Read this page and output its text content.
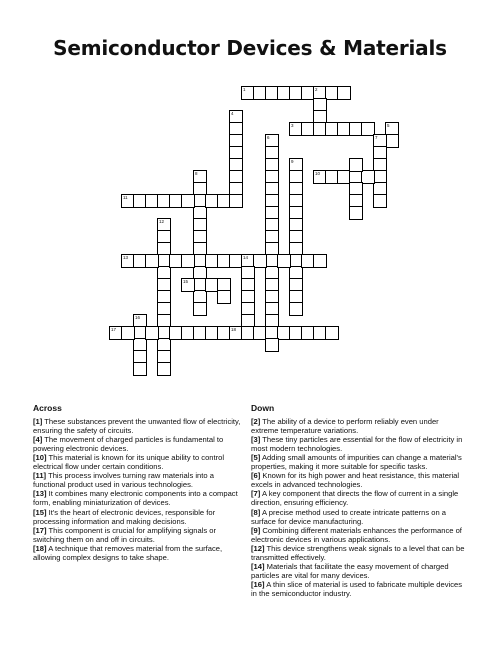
Semiconductor Devices & Materials
1	2
4
3	5
6	7
8
9
10
11
12
13	14
15
16
17	18
Across

[1] These substances prevent the unwanted flow of electricity, ensuring the safety of circuits.

[4] The movement of charged particles is fundamental to powering electronic devices.

[10] This material is known for its unique ability to control electrical flow under certain conditions.

[11] This process involves turning raw materials into a functional product used in various technologies.

[13] It combines many electronic components into a compact form, enabling miniaturization of devices.

[15] It's the heart of electronic devices, responsible for processing information and making decisions.

[17] This component is crucial for amplifying signals or switching them on and off in circuits.

[18] A technique that removes material from the surface, allowing complex designs to take shape.

Down

[2] The ability of a device to perform reliably even under extreme temperature variations.

[3] These tiny particles are essential for the flow of electricity in most modern technologies.

[5] Adding small amounts of impurities can change a material's properties, making it more suitable for specific tasks.

[6] Known for its high power and heat resistance, this material excels in advanced technologies.

[7] A key component that directs the flow of current in a single direction, ensuring efficiency.

[8] A precise method used to create intricate patterns on a surface for device manufacturing.

[9] Combining different materials enhances the performance of electronic devices in various applications.

[12] This device strengthens weak signals to a level that can be transmitted effectively.

[14] Materials that facilitate the easy movement of charged particles are vital for many devices.

[16] A thin slice of material is used to fabricate multiple devices in the semiconductor industry.
